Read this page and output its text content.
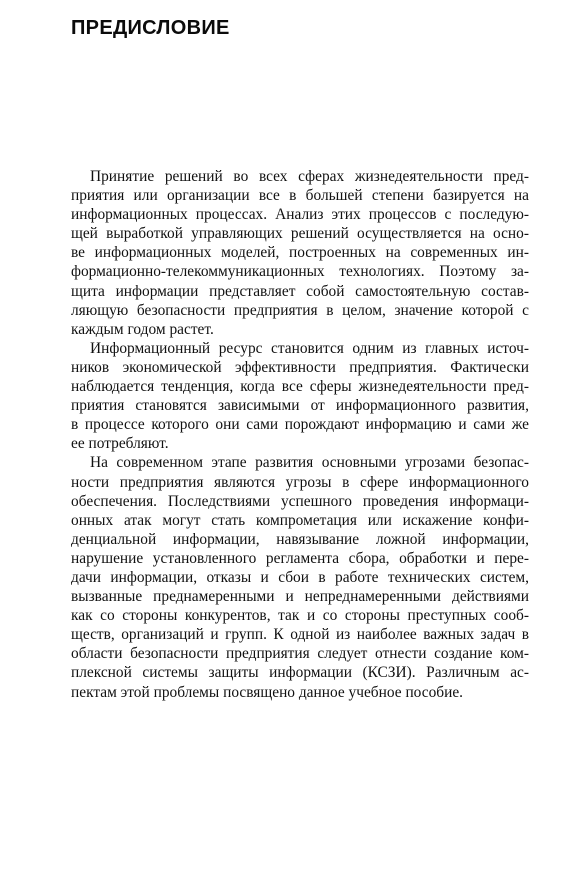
ПРЕДИСЛОВИЕ
Принятие решений во всех сферах жизнедеятельности пред-
приятия или организации все в большей степени базируется на
информационных процессах. Анализ этих процессов с последую-
щей выработкой управляющих решений осуществляется на осно-
ве информационных моделей, построенных на современных ин-
формационно-телекоммуникационных технологиях. Поэтому за-
щита информации представляет собой самостоятельную состав-
ляющую безопасности предприятия в целом, значение которой с
каждым годом растет.
Информационный ресурс становится одним из главных источ-
ников экономической эффективности предприятия. Фактически
наблюдается тенденция, когда все сферы жизнедеятельности пред-
приятия становятся зависимыми от информационного развития,
в процессе которого они сами порождают информацию и сами же
ее потребляют.
На современном этапе развития основными угрозами безопас-
ности предприятия являются угрозы в сфере информационного
обеспечения. Последствиями успешного проведения информаци-
онных атак могут стать компрометация или искажение конфи-
денциальной информации, навязывание ложной информации,
нарушение установленного регламента сбора, обработки и пере-
дачи информации, отказы и сбои в работе технических систем,
вызванные преднамеренными и непреднамеренными действиями
как со стороны конкурентов, так и со стороны преступных сооб-
ществ, организаций и групп. К одной из наиболее важных задач в
области безопасности предприятия следует отнести создание ком-
плексной системы защиты информации (КСЗИ). Различным ас-
пектам этой проблемы посвящено данное учебное пособие.
